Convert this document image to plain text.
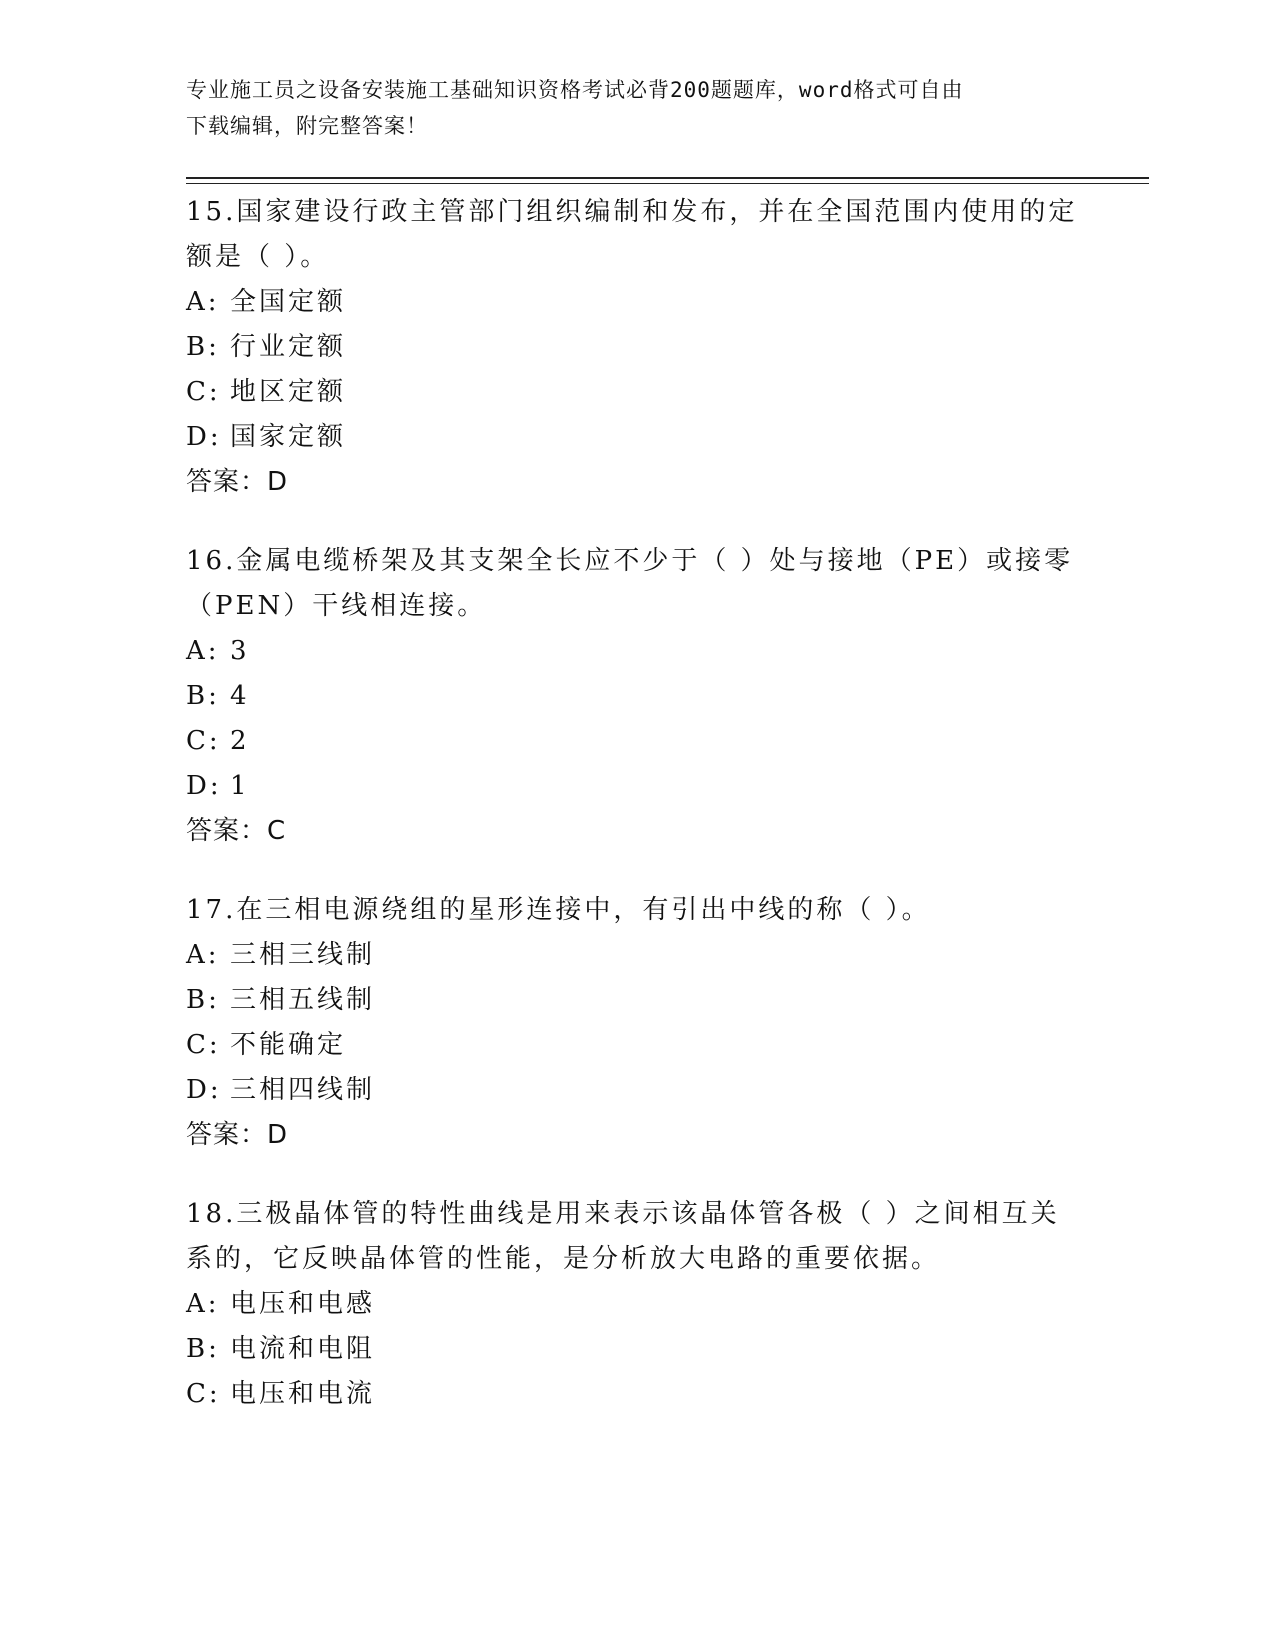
专业施工员之设备安装施工基础知识资格考试必背200题题库，word格式可自由
下载编辑，附完整答案！

15.国家建设行政主管部门组织编制和发布，并在全国范围内使用的定额是（ ）。

A: 全国定额

B: 行业定额

C: 地区定额

D: 国家定额

答案：D

16.金属电缆桥架及其支架全长应不少于（ ）处与接地（PE）或接零（PEN）干线相连接。

A: 3

B: 4

C: 2

D: 1

答案：C

17.在三相电源绕组的星形连接中，有引出中线的称（ ）。

A: 三相三线制

B: 三相五线制

C: 不能确定

D: 三相四线制

答案：D

18.三极晶体管的特性曲线是用来表示该晶体管各极（ ）之间相互关系的，它反映晶体管的性能，是分析放大电路的重要依据。

A: 电压和电感

B: 电流和电阻

C: 电压和电流
